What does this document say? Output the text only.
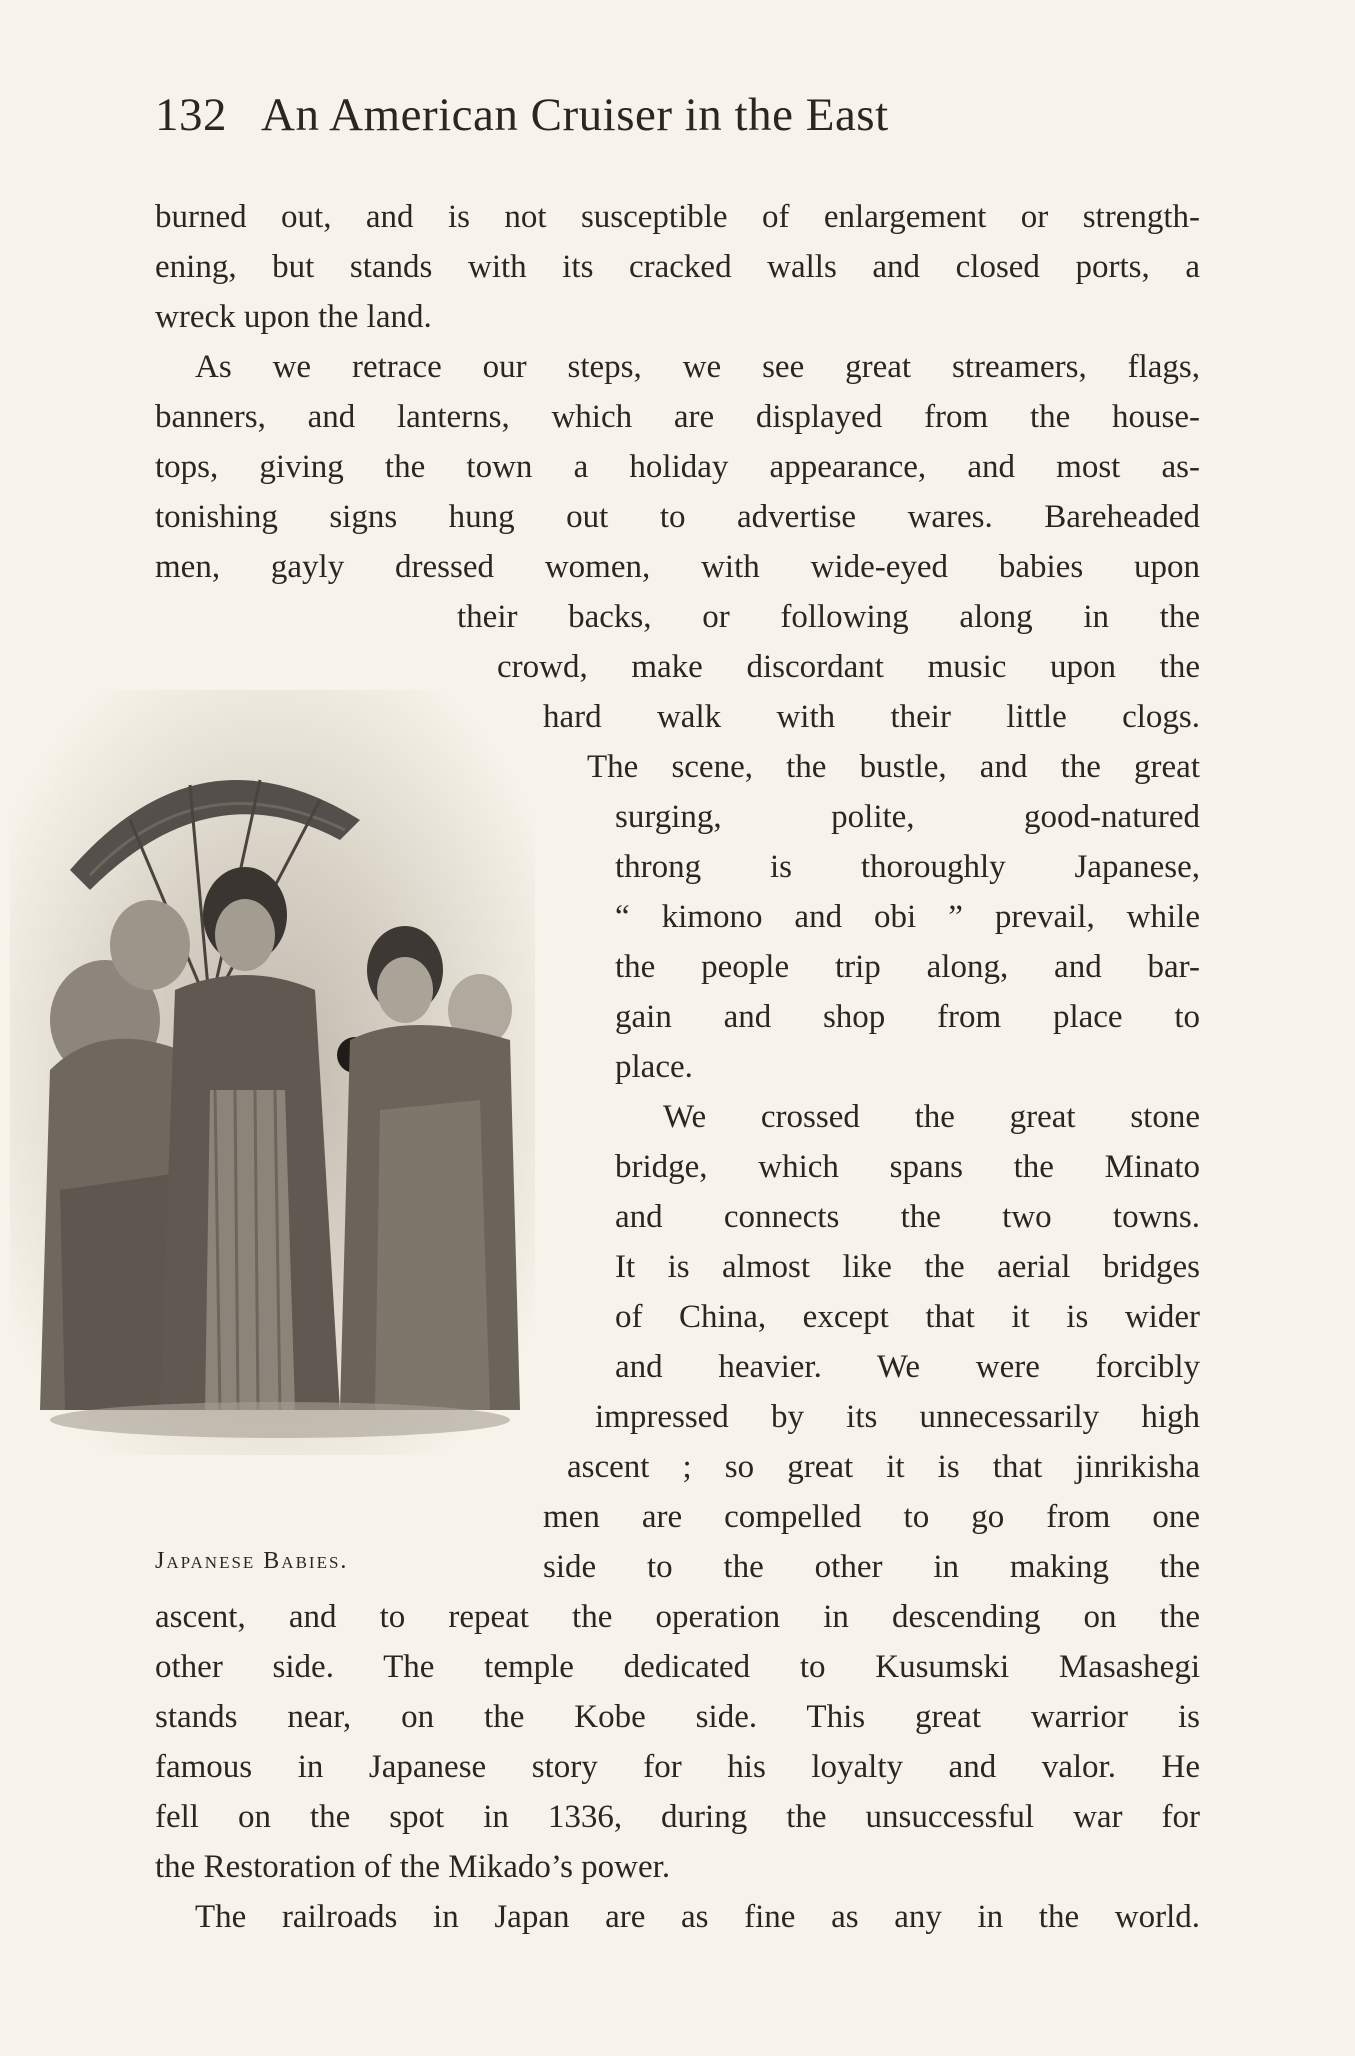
132 An American Cruiser in the East
burned out, and is not susceptible of enlargement or strength-
ening, but stands with its cracked walls and closed ports, a
wreck upon the land.
As we retrace our steps, we see great streamers, flags,
banners, and lanterns, which are displayed from the house-
tops, giving the town a holiday appearance, and most as-
tonishing signs hung out to advertise wares. Bareheaded
men, gayly dressed women, with wide-eyed babies upon
their backs, or following along in the
crowd, make discordant music upon the
hard walk with their little clogs.
The scene, the bustle, and the great
surging, polite, good-natured
throng is thoroughly Japanese,
“ kimono and obi ” prevail, while
the people trip along, and bar-
gain and shop from place to
place.
We crossed the great stone
bridge, which spans the Minato
and connects the two towns.
It is almost like the aerial bridges
of China, except that it is wider
and heavier. We were forcibly
impressed by its unnecessarily high
ascent ; so great it is that jinrikisha
men are compelled to go from one
side to the other in making the
ascent, and to repeat the operation in descending on the
other side. The temple dedicated to Kusumski Masashegi
stands near, on the Kobe side. This great warrior is
famous in Japanese story for his loyalty and valor. He
fell on the spot in 1336, during the unsuccessful war for
the Restoration of the Mikado’s power.
The railroads in Japan are as fine as any in the world.
Japanese Babies.
